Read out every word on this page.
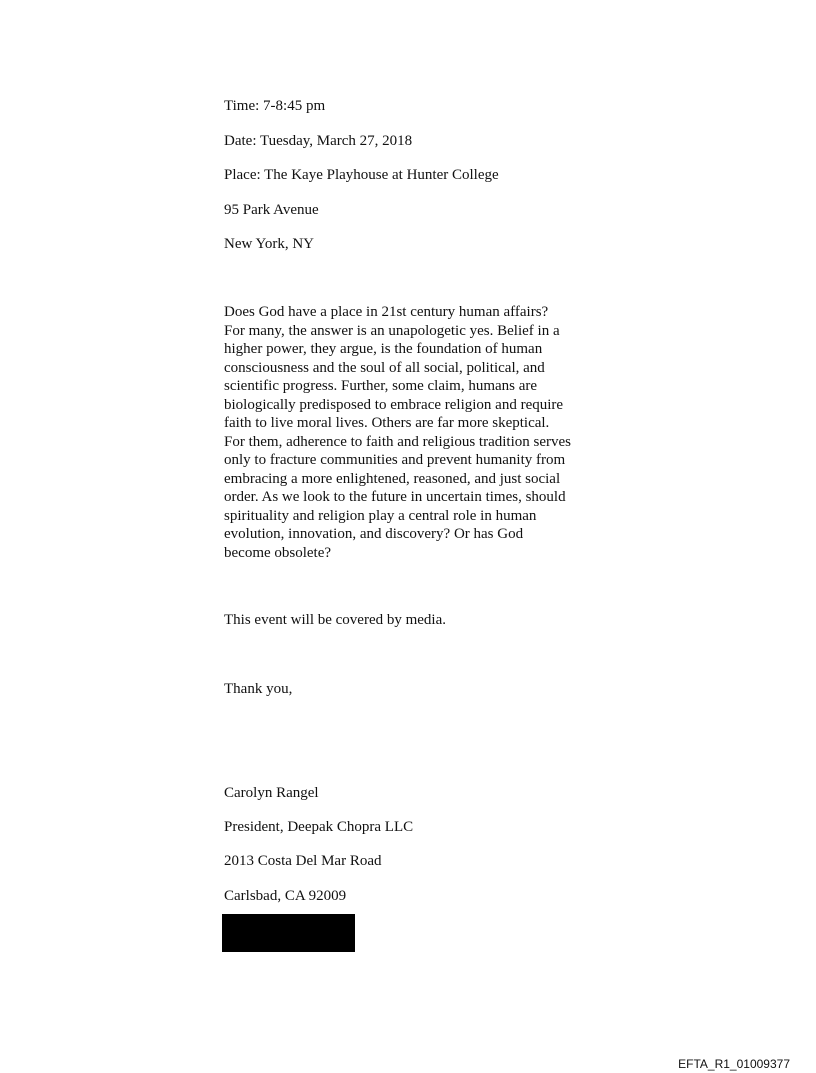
Time: 7-8:45 pm
Date: Tuesday, March 27, 2018
Place: The Kaye Playhouse at Hunter College
95 Park Avenue
New York, NY
Does God have a place in 21st century human affairs?
For many, the answer is an unapologetic yes. Belief in a
higher power, they argue, is the foundation of human
consciousness and the soul of all social, political, and
scientific progress. Further, some claim, humans are
biologically predisposed to embrace religion and require
faith to live moral lives. Others are far more skeptical.
For them, adherence to faith and religious tradition serves
only to fracture communities and prevent humanity from
embracing a more enlightened, reasoned, and just social
order. As we look to the future in uncertain times, should
spirituality and religion play a central role in human
evolution, innovation, and discovery? Or has God
become obsolete?
This event will be covered by media.
Thank you,
Carolyn Rangel
President, Deepak Chopra LLC
2013 Costa Del Mar Road
Carlsbad, CA 92009
EFTA_R1_01009377
